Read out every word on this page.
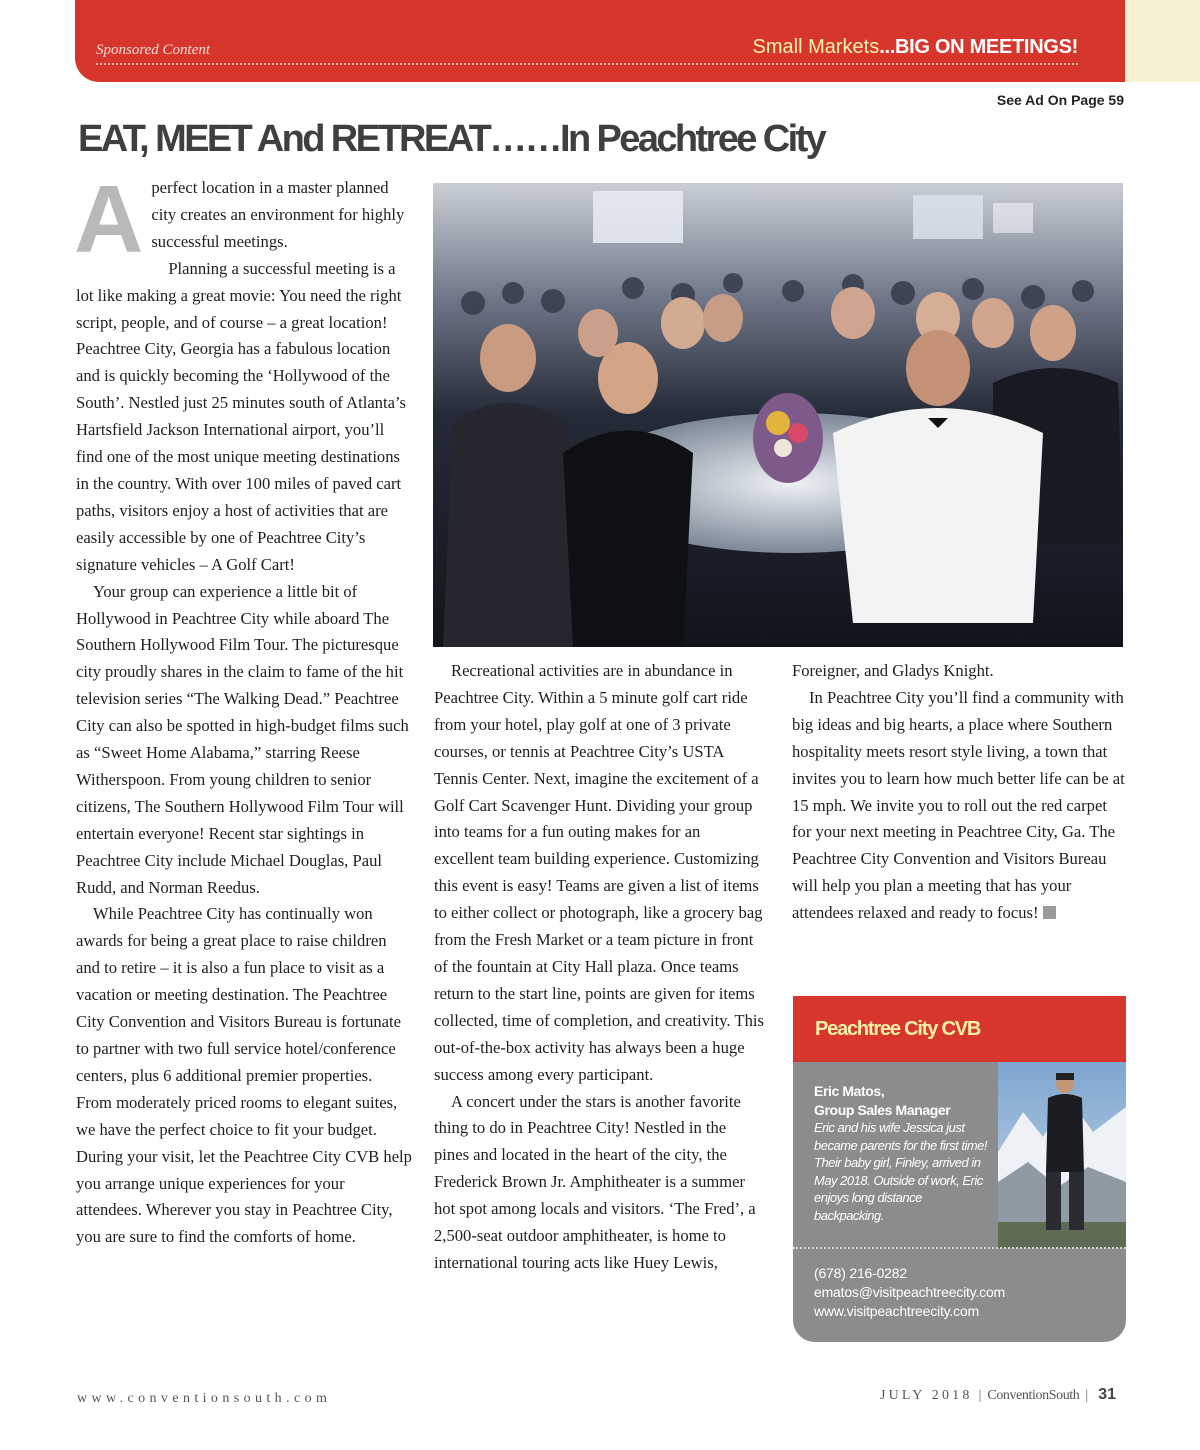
Sponsored Content	Small Markets...BIG ON MEETINGS!
See Ad On Page 59
EAT, MEET And RETREAT……In Peachtree City
A perfect location in a master planned city creates an environment for highly successful meetings.

Planning a successful meeting is a lot like making a great movie: You need the right script, people, and of course – a great location! Peachtree City, Georgia has a fabulous location and is quickly becoming the ‘Hollywood of the South’. Nestled just 25 minutes south of Atlanta’s Hartsfield Jackson International airport, you’ll find one of the most unique meeting destinations in the country. With over 100 miles of paved cart paths, visitors enjoy a host of activities that are easily accessible by one of Peachtree City’s signature vehicles – A Golf Cart!

Your group can experience a little bit of Hollywood in Peachtree City while aboard The Southern Hollywood Film Tour. The picturesque city proudly shares in the claim to fame of the hit television series “The Walking Dead.” Peachtree City can also be spotted in high-budget films such as “Sweet Home Alabama,” starring Reese Witherspoon. From young children to senior citizens, The Southern Hollywood Film Tour will entertain everyone! Recent star sightings in Peachtree City include Michael Douglas, Paul Rudd, and Norman Reedus.

While Peachtree City has continually won awards for being a great place to raise children and to retire – it is also a fun place to visit as a vacation or meeting destination. The Peachtree City Convention and Visitors Bureau is fortunate to partner with two full service hotel/conference centers, plus 6 additional premier properties. From moderately priced rooms to elegant suites, we have the perfect choice to fit your budget. During your visit, let the Peachtree City CVB help you arrange unique experiences for your attendees. Wherever you stay in Peachtree City, you are sure to find the comforts of home.

Recreational activities are in abundance in Peachtree City. Within a 5 minute golf cart ride from your hotel, play golf at one of 3 private courses, or tennis at Peachtree City’s USTA Tennis Center. Next, imagine the excitement of a Golf Cart Scavenger Hunt. Dividing your group into teams for a fun outing makes for an excellent team building experience. Customizing this event is easy! Teams are given a list of items to either collect or photograph, like a grocery bag from the Fresh Market or a team picture in front of the fountain at City Hall plaza. Once teams return to the start line, points are given for items collected, time of completion, and creativity. This out-of-the-box activity has always been a huge success among every participant.

A concert under the stars is another favorite thing to do in Peachtree City! Nestled in the pines and located in the heart of the city, the Frederick Brown Jr. Amphitheater is a summer hot spot among locals and visitors. ‘The Fred’, a 2,500-seat outdoor amphitheater, is home to international touring acts like Huey Lewis,

Foreigner, and Gladys Knight.

In Peachtree City you’ll find a community with big ideas and big hearts, a place where Southern hospitality meets resort style living, a town that invites you to learn how much better life can be at 15 mph. We invite you to roll out the red carpet for your next meeting in Peachtree City, Ga. The Peachtree City Convention and Visitors Bureau will help you plan a meeting that has your attendees relaxed and ready to focus!

Peachtree City CVB
Eric Matos,
Group Sales Manager
Eric and his wife Jessica just became parents for the first time! Their baby girl, Finley, arrived in May 2018. Outside of work, Eric enjoys long distance backpacking.
(678) 216-0282
ematos@visitpeachtreecity.com
www.visitpeachtreecity.com
www.conventionsouth.com	JULY 2018 | ConventionSouth | 31
